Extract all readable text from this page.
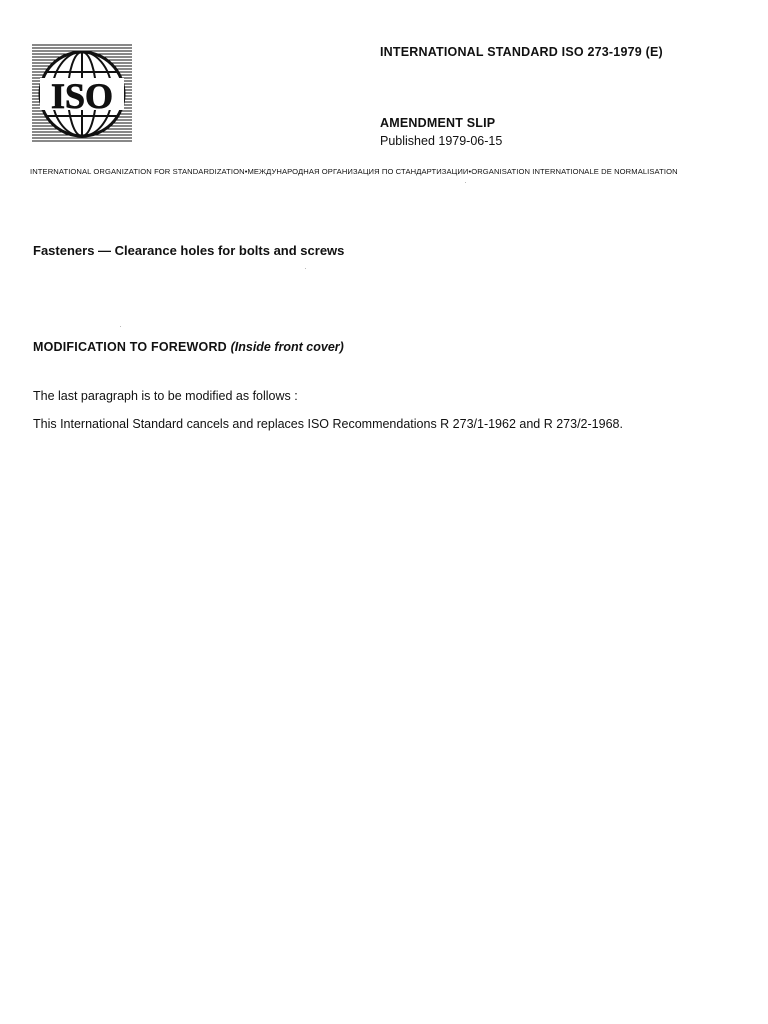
ISO
INTERNATIONAL STANDARD ISO 273-1979 (E)
AMENDMENT SLIP
Published 1979-06-15
INTERNATIONAL ORGANIZATION FOR STANDARDIZATION•МЕЖДУНАРОДНАЯ ОРГАНИЗАЦИЯ ПО СТАНДАРТИЗАЦИИ•ORGANISATION INTERNATIONALE DE NORMALISATION
Fasteners — Clearance holes for bolts and screws
MODIFICATION TO FOREWORD (Inside front cover)
The last paragraph is to be modified as follows :
This International Standard cancels and replaces ISO Recommendations R 273/1-1962 and R 273/2-1968.
